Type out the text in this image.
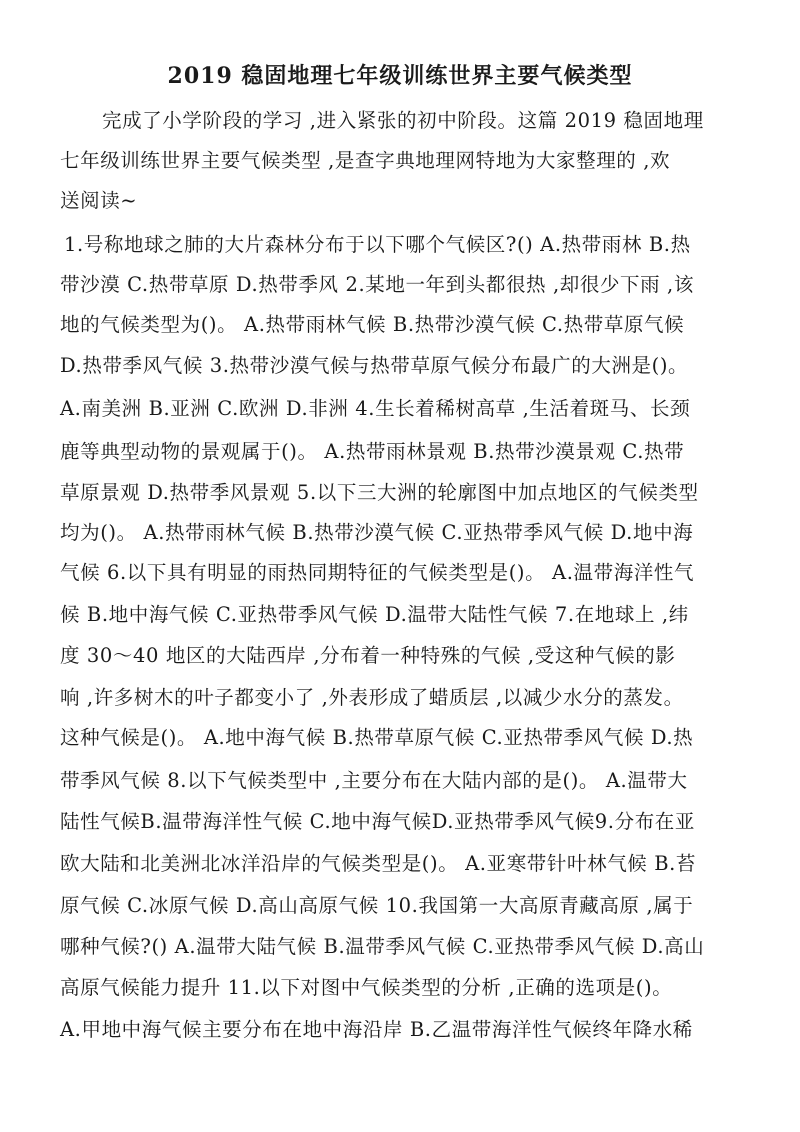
2019 稳固地理七年级训练世界主要气候类型
完成了小学阶段的学习 ,进入紧张的初中阶段。这篇 2019 稳固地理
七年级训练世界主要气候类型 ,是查字典地理网特地为大家整理的 ,欢
送阅读~
1.号称地球之肺的大片森林分布于以下哪个气候区?() A.热带雨林 B.热
带沙漠 C.热带草原 D.热带季风 2.某地一年到头都很热 ,却很少下雨 ,该
地的气候类型为()。 A.热带雨林气候 B.热带沙漠气候 C.热带草原气候
D.热带季风气候 3.热带沙漠气候与热带草原气候分布最广的大洲是()。
A.南美洲 B.亚洲 C.欧洲 D.非洲 4.生长着稀树高草 ,生活着斑马、长颈
鹿等典型动物的景观属于()。 A.热带雨林景观 B.热带沙漠景观 C.热带
草原景观 D.热带季风景观 5.以下三大洲的轮廓图中加点地区的气候类型
均为()。 A.热带雨林气候 B.热带沙漠气候 C.亚热带季风气候 D.地中海
气候 6.以下具有明显的雨热同期特征的气候类型是()。 A.温带海洋性气
候 B.地中海气候 C.亚热带季风气候 D.温带大陆性气候 7.在地球上 ,纬
度 30～40 地区的大陆西岸 ,分布着一种特殊的气候 ,受这种气候的影
响 ,许多树木的叶子都变小了 ,外表形成了蜡质层 ,以减少水分的蒸发。
这种气候是()。 A.地中海气候 B.热带草原气候 C.亚热带季风气候 D.热
带季风气候 8.以下气候类型中 ,主要分布在大陆内部的是()。 A.温带大
陆性气候B.温带海洋性气候 C.地中海气候D.亚热带季风气候9.分布在亚
欧大陆和北美洲北冰洋沿岸的气候类型是()。 A.亚寒带针叶林气候 B.苔
原气候 C.冰原气候 D.高山高原气候 10.我国第一大高原青藏高原 ,属于
哪种气候?() A.温带大陆气候 B.温带季风气候 C.亚热带季风气候 D.高山
高原气候能力提升 11.以下对图中气候类型的分析 ,正确的选项是()。
A.甲地中海气候主要分布在地中海沿岸 B.乙温带海洋性气候终年降水稀
